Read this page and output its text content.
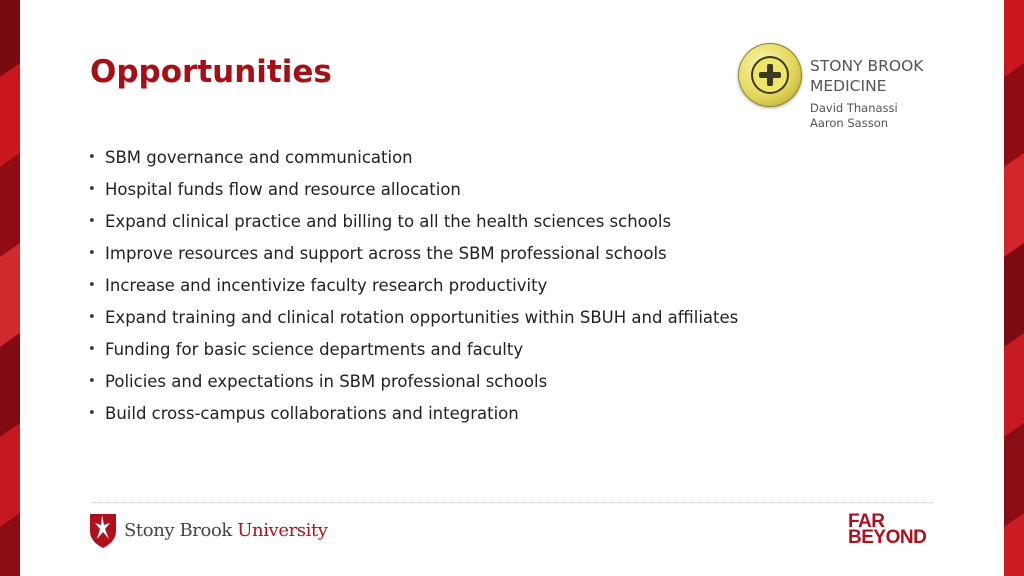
Opportunities
• SBM governance and communication
• Hospital funds flow and resource allocation
• Expand clinical practice and billing to all the health sciences schools
• Improve resources and support across the SBM professional schools
• Increase and incentivize faculty research productivity
• Expand training and clinical rotation opportunities within SBUH and affiliates
• Funding for basic science departments and faculty
• Policies and expectations in SBM professional schools
• Build cross-campus collaborations and integration
STONY BROOK
MEDICINE
David Thanassi
Aaron Sasson
Stony Brook University	FAR
BEYOND
